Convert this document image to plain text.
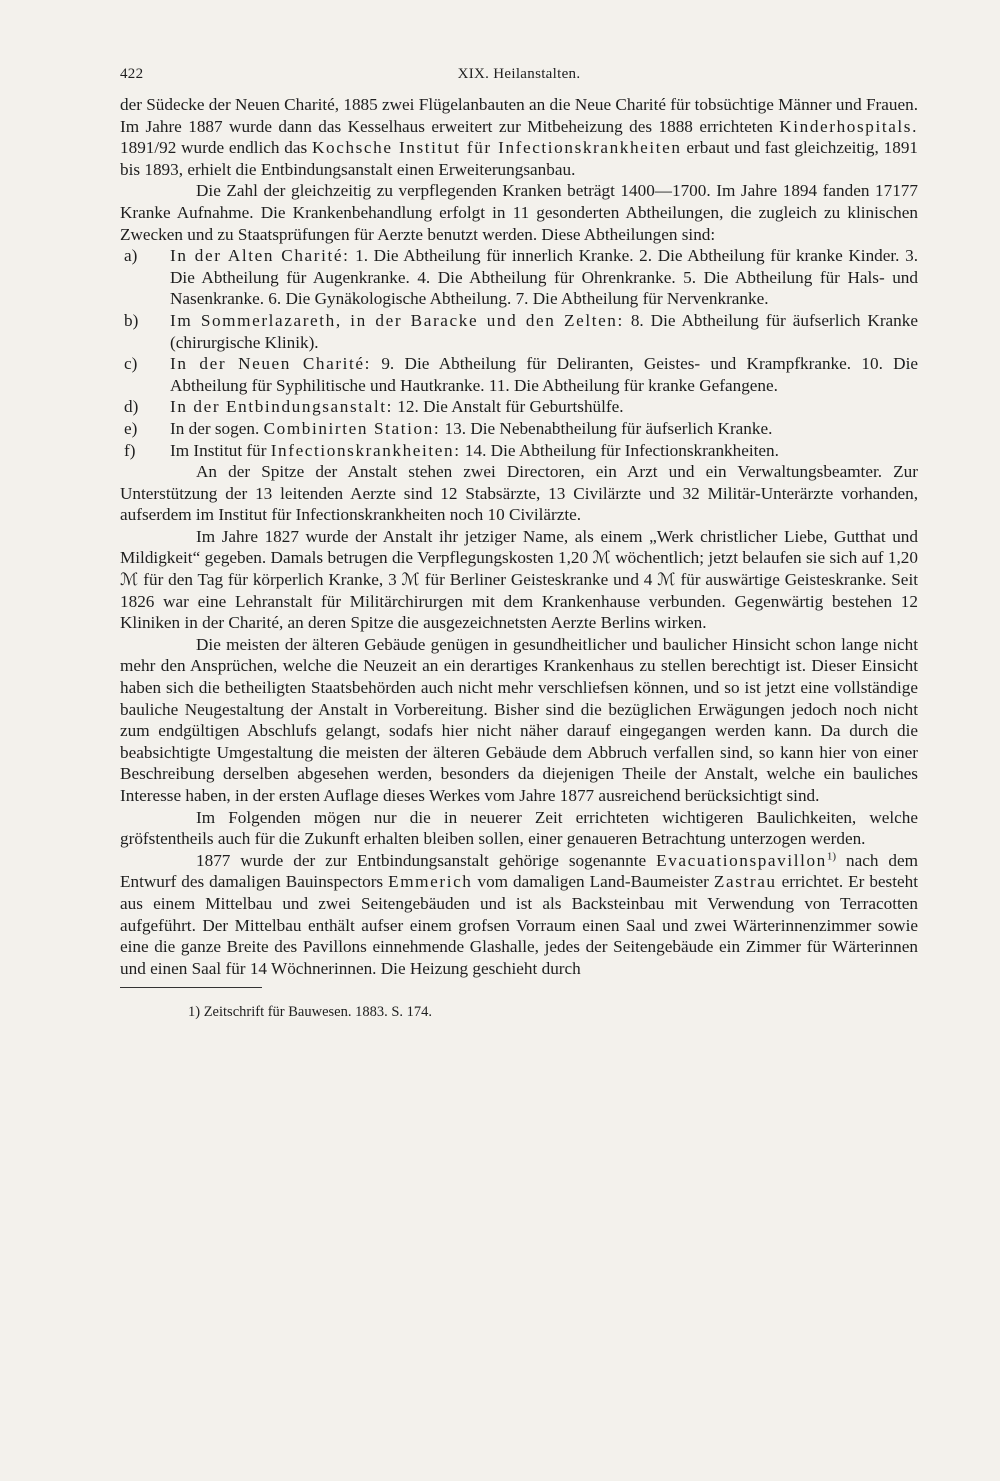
422	XIX. Heilanstalten.

der Südecke der Neuen Charité, 1885 zwei Flügelanbauten an die Neue Charité für tobsüchtige Männer und Frauen. Im Jahre 1887 wurde dann das Kesselhaus erweitert zur Mitbeheizung des 1888 errichteten Kinderhospitals. 1891/92 wurde endlich das Kochsche Institut für Infectionskrankheiten erbaut und fast gleichzeitig, 1891 bis 1893, erhielt die Entbindungsanstalt einen Erweiterungsanbau.

Die Zahl der gleichzeitig zu verpflegenden Kranken beträgt 1400—1700. Im Jahre 1894 fanden 17177 Kranke Aufnahme. Die Krankenbehandlung erfolgt in 11 gesonderten Abtheilungen, die zugleich zu klinischen Zwecken und zu Staatsprüfungen für Aerzte benutzt werden. Diese Abtheilungen sind:

a) In der Alten Charité: 1. Die Abtheilung für innerlich Kranke. 2. Die Abtheilung für kranke Kinder. 3. Die Abtheilung für Augenkranke. 4. Die Abtheilung für Ohrenkranke. 5. Die Abtheilung für Hals- und Nasenkranke. 6. Die Gynäkologische Abtheilung. 7. Die Abtheilung für Nervenkranke.
b) Im Sommerlazareth, in der Baracke und den Zelten: 8. Die Abtheilung für äufserlich Kranke (chirurgische Klinik).
c) In der Neuen Charité: 9. Die Abtheilung für Deliranten, Geistes- und Krampfkranke. 10. Die Abtheilung für Syphilitische und Hautkranke. 11. Die Abtheilung für kranke Gefangene.
d) In der Entbindungsanstalt: 12. Die Anstalt für Geburtshülfe.
e) In der sogen. Combinirten Station: 13. Die Nebenabtheilung für äufserlich Kranke.
f) Im Institut für Infectionskrankheiten: 14. Die Abtheilung für Infectionskrankheiten.

An der Spitze der Anstalt stehen zwei Directoren, ein Arzt und ein Verwaltungsbeamter. Zur Unterstützung der 13 leitenden Aerzte sind 12 Stabsärzte, 13 Civilärzte und 32 Militär-Unterärzte vorhanden, aufserdem im Institut für Infectionskrankheiten noch 10 Civilärzte.

Im Jahre 1827 wurde der Anstalt ihr jetziger Name, als einem „Werk christlicher Liebe, Gutthat und Mildigkeit“ gegeben. Damals betrugen die Verpflegungskosten 1,20 ℳ wöchentlich; jetzt belaufen sie sich auf 1,20 ℳ für den Tag für körperlich Kranke, 3 ℳ für Berliner Geisteskranke und 4 ℳ für auswärtige Geisteskranke. Seit 1826 war eine Lehranstalt für Militärchirurgen mit dem Krankenhause verbunden. Gegenwärtig bestehen 12 Kliniken in der Charité, an deren Spitze die ausgezeichnetsten Aerzte Berlins wirken.

Die meisten der älteren Gebäude genügen in gesundheitlicher und baulicher Hinsicht schon lange nicht mehr den Ansprüchen, welche die Neuzeit an ein derartiges Krankenhaus zu stellen berechtigt ist. Dieser Einsicht haben sich die betheiligten Staatsbehörden auch nicht mehr verschliefsen können, und so ist jetzt eine vollständige bauliche Neugestaltung der Anstalt in Vorbereitung. Bisher sind die bezüglichen Erwägungen jedoch noch nicht zum endgültigen Abschlufs gelangt, sodafs hier nicht näher darauf eingegangen werden kann. Da durch die beabsichtigte Umgestaltung die meisten der älteren Gebäude dem Abbruch verfallen sind, so kann hier von einer Beschreibung derselben abgesehen werden, besonders da diejenigen Theile der Anstalt, welche ein bauliches Interesse haben, in der ersten Auflage dieses Werkes vom Jahre 1877 ausreichend berücksichtigt sind.

Im Folgenden mögen nur die in neuerer Zeit errichteten wichtigeren Baulichkeiten, welche gröfstentheils auch für die Zukunft erhalten bleiben sollen, einer genaueren Betrachtung unterzogen werden.

1877 wurde der zur Entbindungsanstalt gehörige sogenannte Evacuationspavillon$^{1)}$ nach dem Entwurf des damaligen Bauinspectors Emmerich vom damaligen Land-Baumeister Zastrau errichtet. Er besteht aus einem Mittelbau und zwei Seitengebäuden und ist als Backsteinbau mit Verwendung von Terracotten aufgeführt. Der Mittelbau enthält aufser einem grofsen Vorraum einen Saal und zwei Wärterinnenzimmer sowie eine die ganze Breite des Pavillons einnehmende Glashalle, jedes der Seitengebäude ein Zimmer für Wärterinnen und einen Saal für 14 Wöchnerinnen. Die Heizung geschieht durch

1) Zeitschrift für Bauwesen. 1883. S. 174.
